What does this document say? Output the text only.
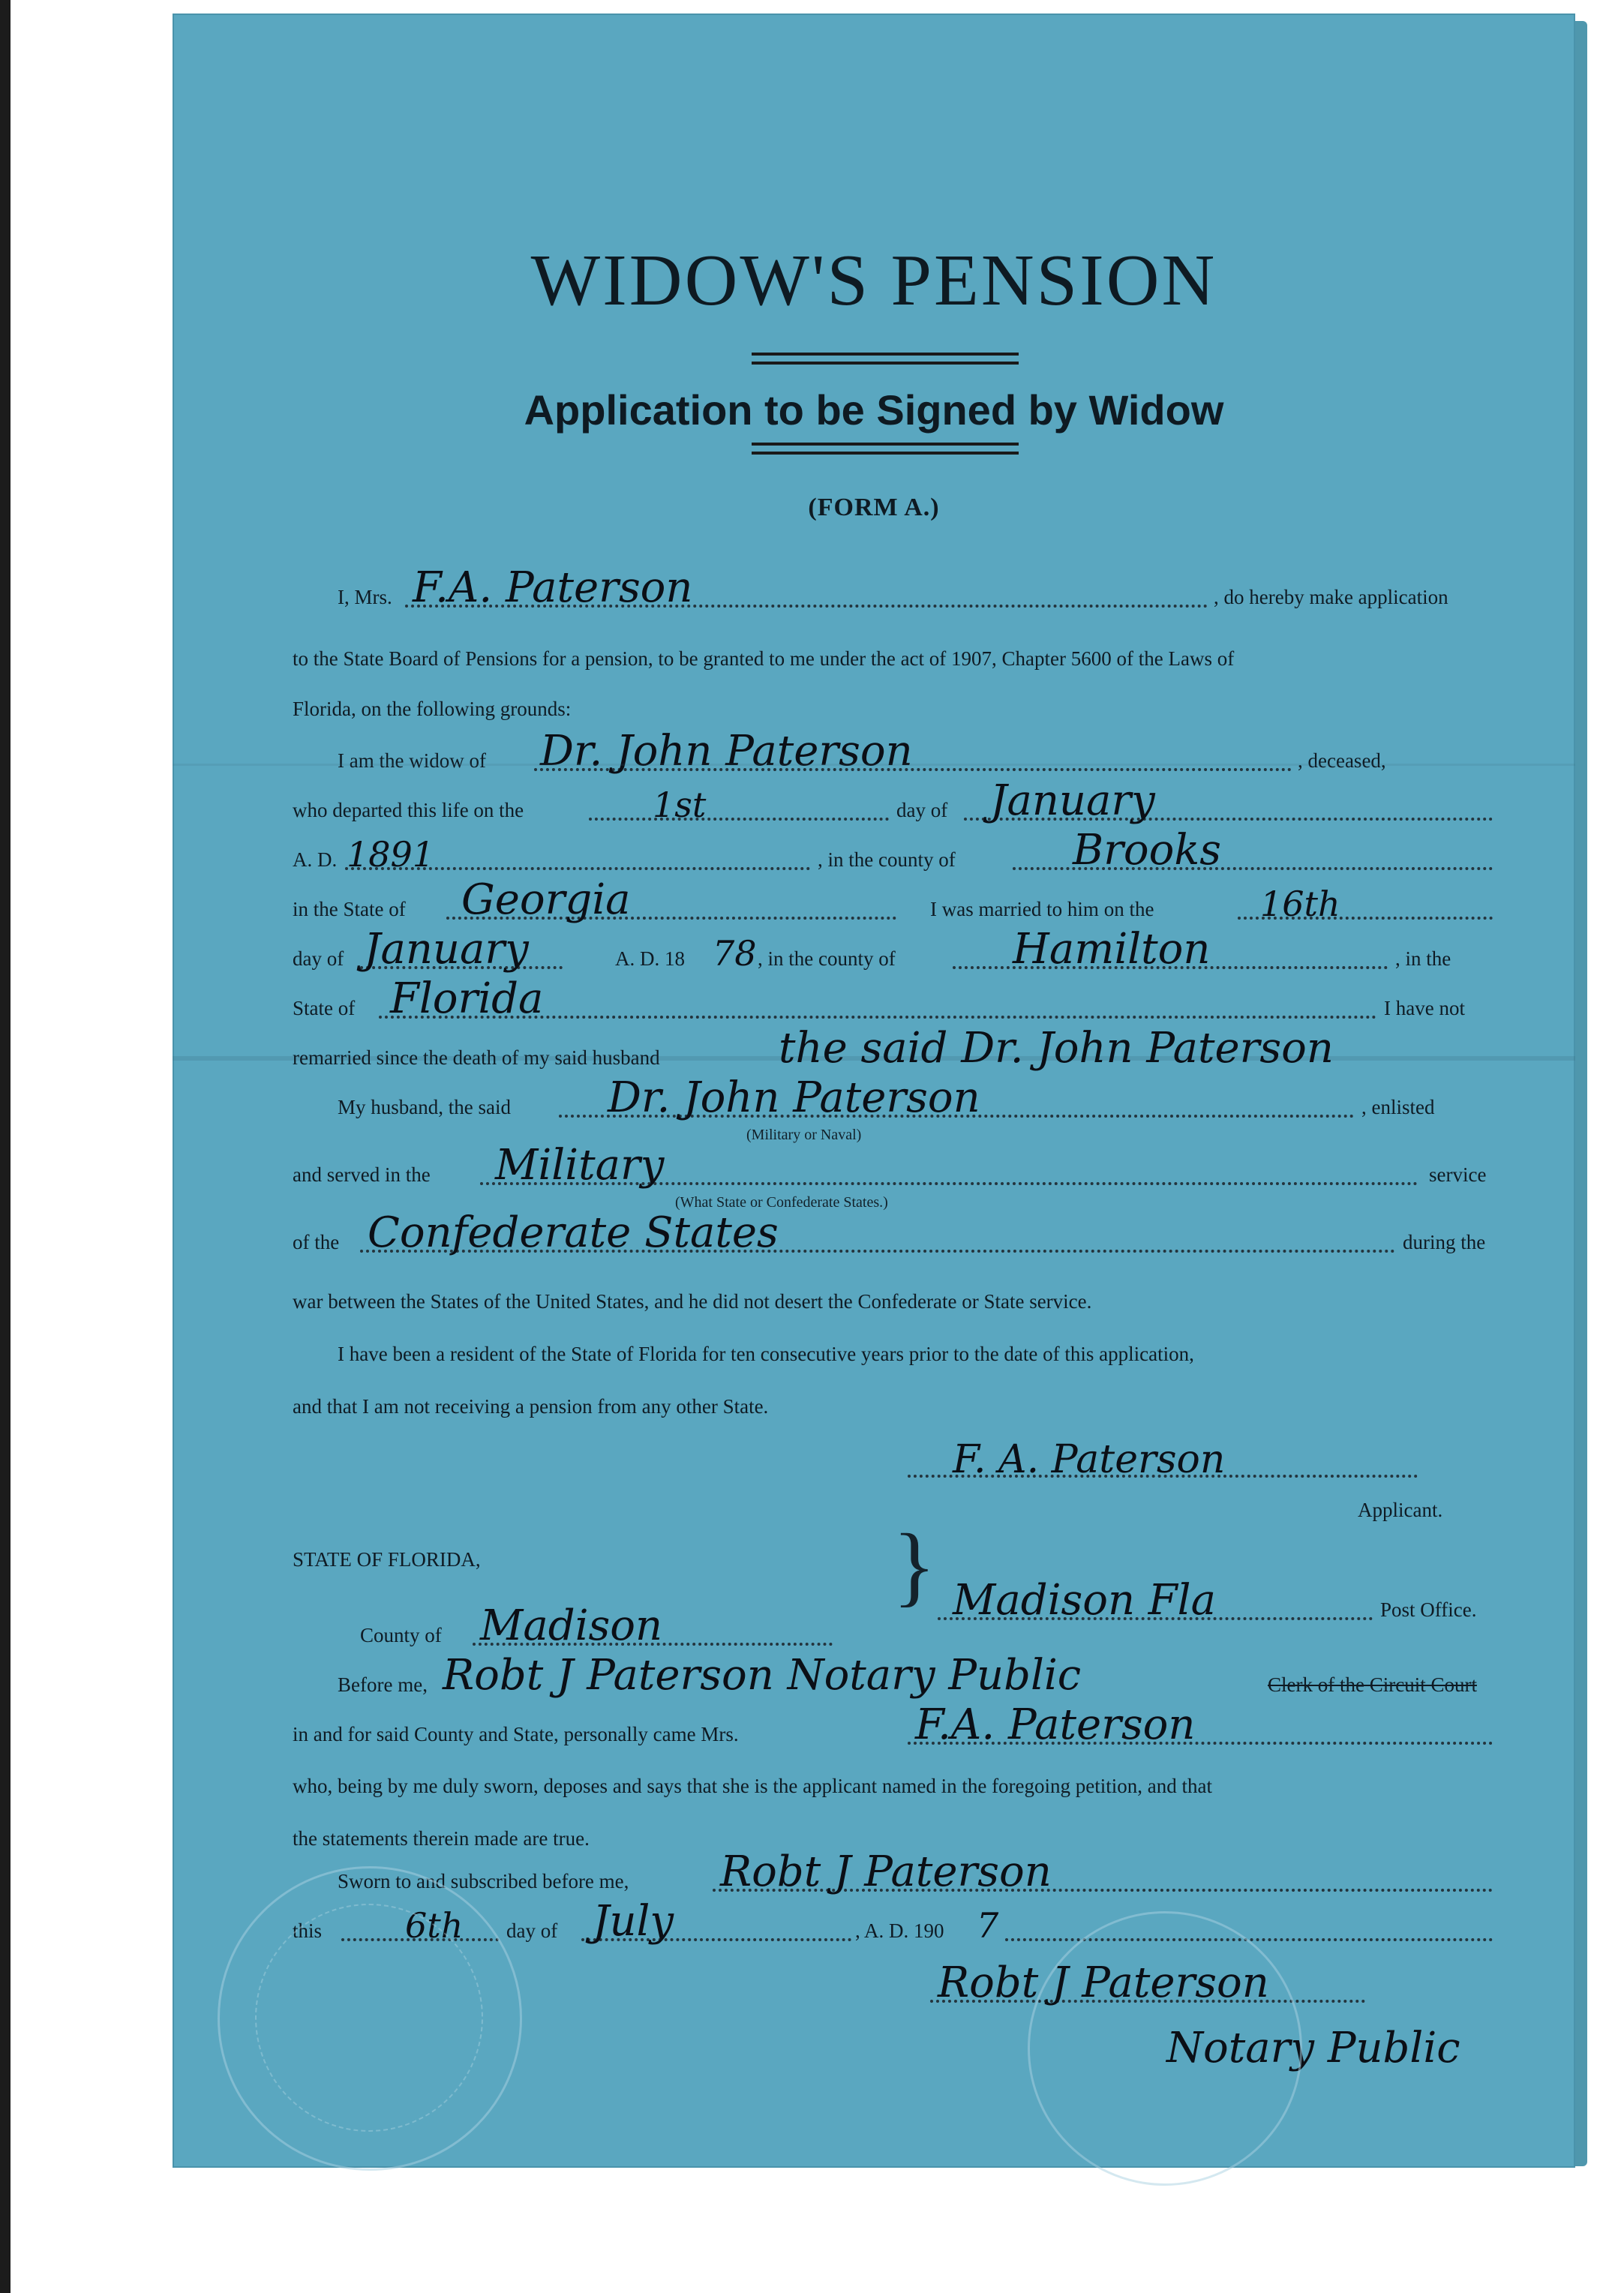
WIDOW'S PENSION
Application to be Signed by Widow
(FORM A.)
I, Mrs. F.A. Paterson	, do hereby make application
to the State Board of Pensions for a pension, to be granted to me under the act of 1907, Chapter 5600 of the Laws of
Florida, on the following grounds:
I am the widow of Dr. John Paterson	, deceased,
who departed this life on the	1st	day of January
A. D. 1891	, in the county of	Brooks
in the State of Georgia	I was married to him on the	16th
day of January	A. D. 18 78 , in the county of	Hamilton	, in the
State of Florida	I have not
remarried since the death of my said husband	the said Dr. John Paterson
My husband, the said Dr. John Paterson	, enlisted
(Military or Naval)
and served in the Military	service
(What State or Confederate States.)
of the Confederate States	during the
war between the States of the United States, and he did not desert the Confederate or State service.
I have been a resident of the State of Florida for ten consecutive years prior to the date of this application,
and that I am not receiving a pension from any other State.
F. A. Paterson
Applicant.
STATE OF FLORIDA,	} Madison Fla	Post Office.
County of Madison
Before me, Robt J Paterson Notary Public	Clerk of the Circuit Court
in and for said County and State, personally came Mrs.	F.A. Paterson
who, being by me duly sworn, deposes and says that she is the applicant named in the foregoing petition, and that
the statements therein made are true.
Sworn to and subscribed before me, Robt J Paterson
this 6th day of July	, A. D. 190 7
Robt J Paterson
Notary Public
